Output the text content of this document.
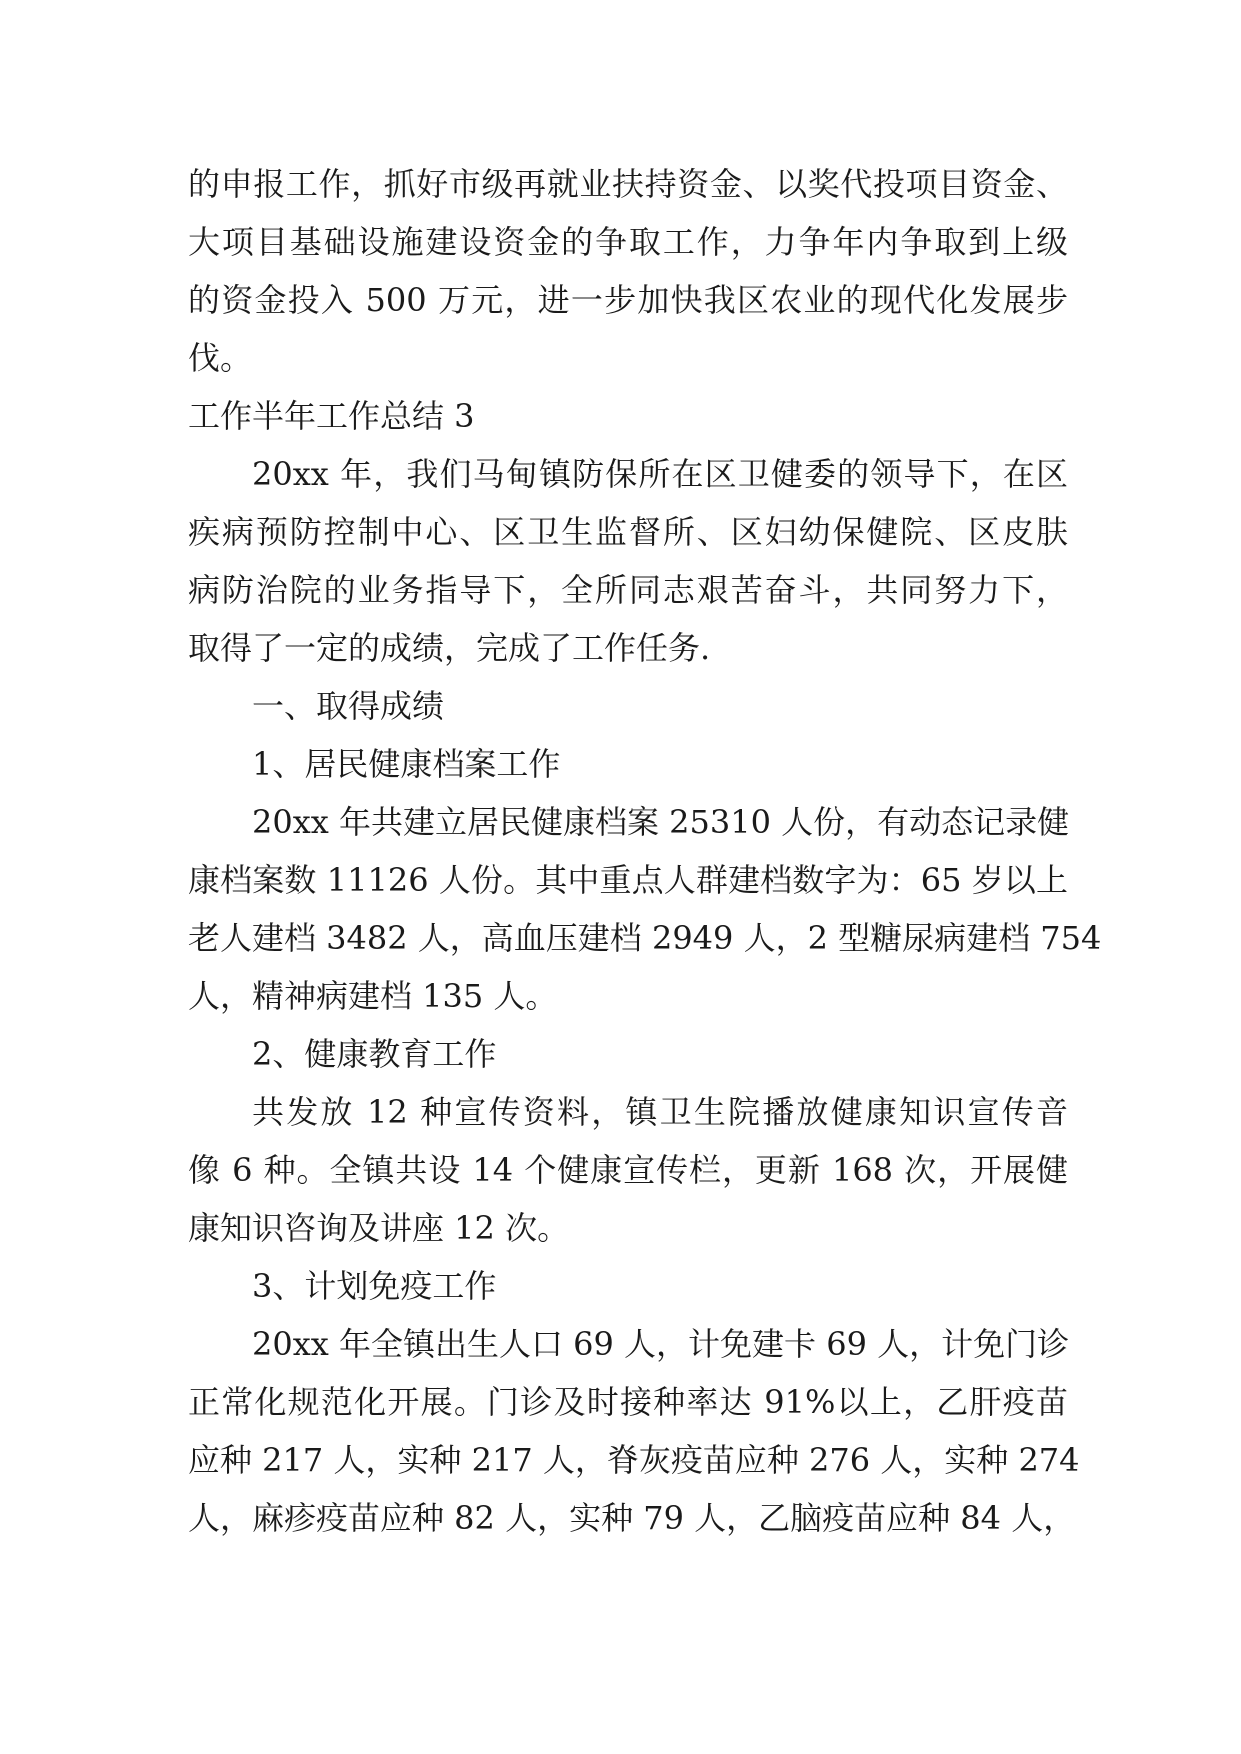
的申报工作，抓好市级再就业扶持资金、以奖代投项目资金、
大项目基础设施建设资金的争取工作，力争年内争取到上级
的资金投入 500 万元，进一步加快我区农业的现代化发展步
伐。
工作半年工作总结 3
20xx 年，我们马甸镇防保所在区卫健委的领导下，在区
疾病预防控制中心、区卫生监督所、区妇幼保健院、区皮肤
病防治院的业务指导下，全所同志艰苦奋斗，共同努力下，
取得了一定的成绩，完成了工作任务.
一、取得成绩
1、居民健康档案工作
20xx 年共建立居民健康档案 25310 人份，有动态记录健
康档案数 11126 人份。其中重点人群建档数字为：65 岁以上
老人建档 3482 人，高血压建档 2949 人，2 型糖尿病建档 754
人，精神病建档 135 人。
2、健康教育工作
共发放 12 种宣传资料，镇卫生院播放健康知识宣传音
像 6 种。全镇共设 14 个健康宣传栏，更新 168 次，开展健
康知识咨询及讲座 12 次。
3、计划免疫工作
20xx 年全镇出生人口 69 人，计免建卡 69 人，计免门诊
正常化规范化开展。门诊及时接种率达 91%以上，乙肝疫苗
应种 217 人，实种 217 人，脊灰疫苗应种 276 人，实种 274
人，麻疹疫苗应种 82 人，实种 79 人，乙脑疫苗应种 84 人，
